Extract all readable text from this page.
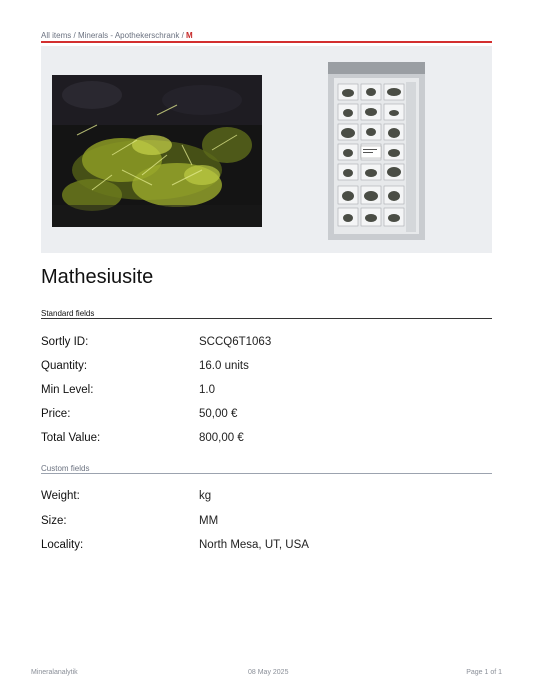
All items / Minerals - Apothekerschrank / M
Mathesiusite
Standard fields
Sortly ID:	SCCQ6T1063
Quantity:	16.0 units
Min Level:	1.0
Price:	50,00 €
Total Value:	800,00 €
Custom fields
Weight:	kg
Size:	MM
Locality:	North Mesa, UT, USA
Mineralanalytik	08 May 2025	Page 1 of 1
